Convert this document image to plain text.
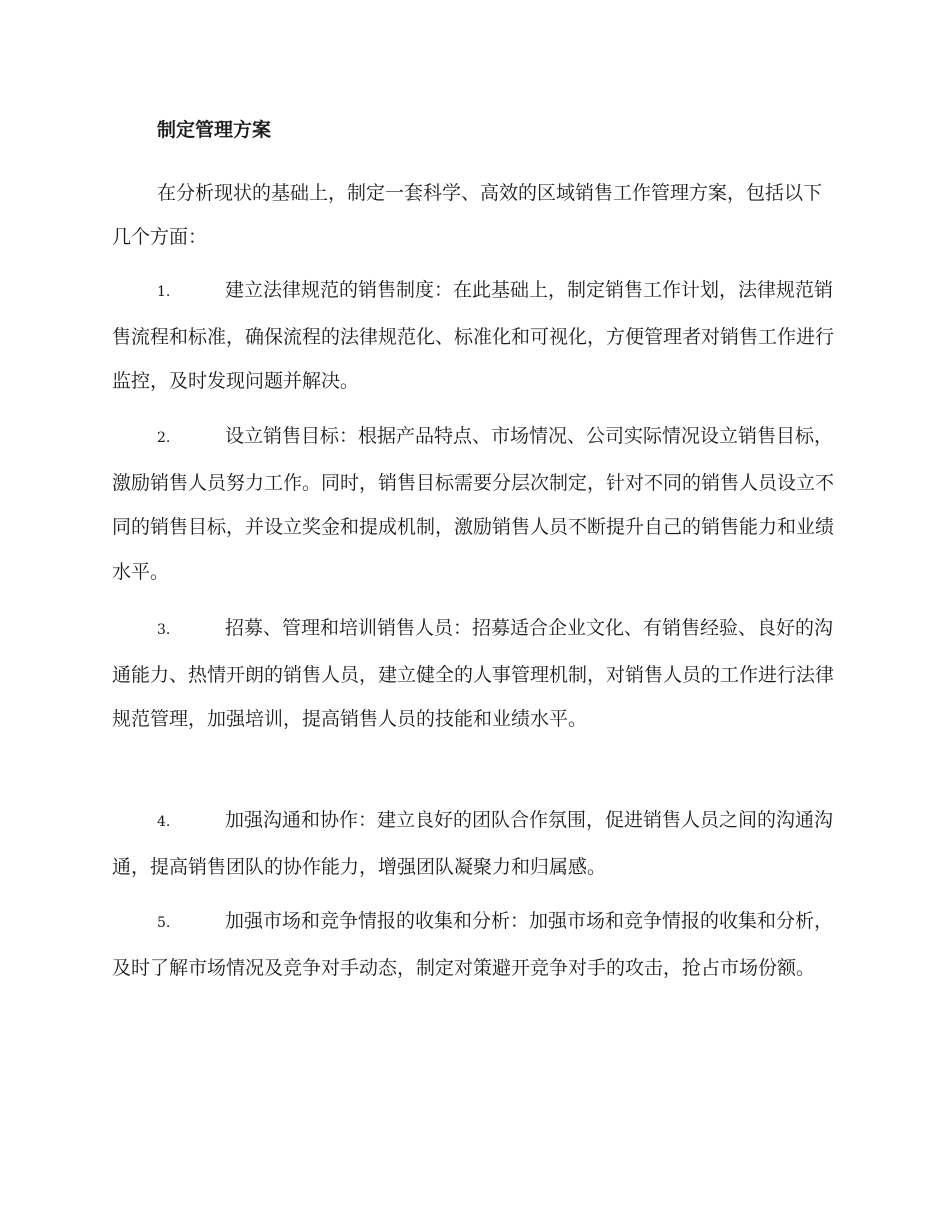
制定管理方案

在分析现状的基础上，制定一套科学、高效的区域销售工作管理方案，包括以下几个方面：

1.	建立法律规范的销售制度：在此基础上，制定销售工作计划，法律规范销售流程和标准，确保流程的法律规范化、标准化和可视化，方便管理者对销售工作进行监控，及时发现问题并解决。

2.	设立销售目标：根据产品特点、市场情况、公司实际情况设立销售目标，激励销售人员努力工作。同时，销售目标需要分层次制定，针对不同的销售人员设立不同的销售目标，并设立奖金和提成机制，激励销售人员不断提升自己的销售能力和业绩水平。

3.	招募、管理和培训销售人员：招募适合企业文化、有销售经验、良好的沟通能力、热情开朗的销售人员，建立健全的人事管理机制，对销售人员的工作进行法律规范管理，加强培训，提高销售人员的技能和业绩水平。

4.	加强沟通和协作：建立良好的团队合作氛围，促进销售人员之间的沟通沟通，提高销售团队的协作能力，增强团队凝聚力和归属感。

5.	加强市场和竞争情报的收集和分析：加强市场和竞争情报的收集和分析，及时了解市场情况及竞争对手动态，制定对策避开竞争对手的攻击，抢占市场份额。
